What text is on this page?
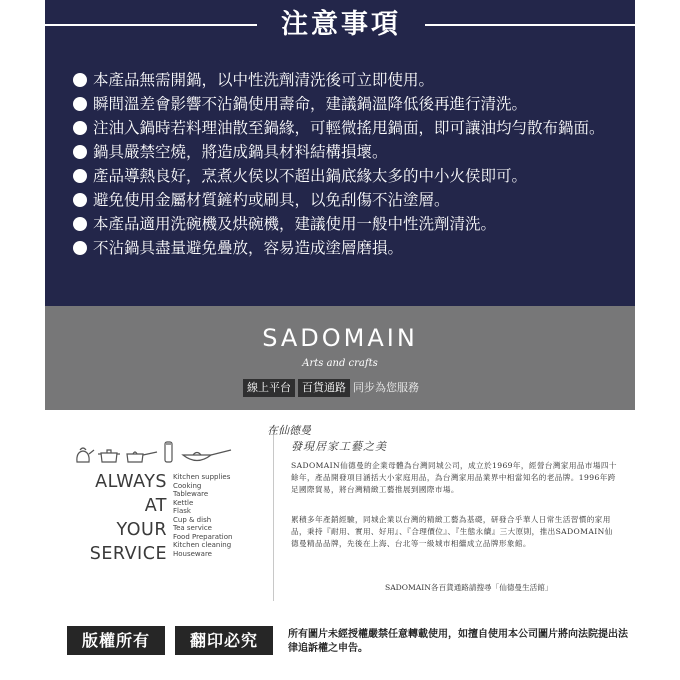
注意事項
本產品無需開鍋，以中性洗劑清洗後可立即使用。
瞬間溫差會影響不沾鍋使用壽命，建議鍋溫降低後再進行清洗。
注油入鍋時若料理油散至鍋緣，可輕微搖甩鍋面，即可讓油均勻散布鍋面。
鍋具嚴禁空燒，將造成鍋具材料結構損壞。
產品導熱良好，烹煮火侯以不超出鍋底緣太多的中小火侯即可。
避免使用金屬材質鏟杓或刷具，以免刮傷不沾塗層。
本產品適用洗碗機及烘碗機，建議使用一般中性洗劑清洗。
不沾鍋具盡量避免疊放，容易造成塗層磨損。
SADOMAIN
Arts and crafts
線上平台 百貨通路 同步為您服務
ALWAYS AT
YOUR
SERVICE
Kitchen supplies
Cooking
Tableware
Kettle
Flask
Cup & dish
Tea service
Food Preparation
Kitchen cleaning
Houseware
在仙德曼
發現居家工藝之美
SADOMAIN仙德曼的企業母體為台灣同城公司，成立於1969年，經營台灣家用品市場四十餘年，產品開發項目涵括大小家庭用品，為台灣家用品業界中相當知名的老品牌。1996年跨足國際貿易，將台灣精緻工藝推展到國際市場。
累積多年產銷經驗，同城企業以台灣的精緻工藝為基礎，研發合乎華人日常生活習慣的家用品，秉持『耐用、實用、好用』、『合理價位』、『生態永續』三大原則，推出SADOMAIN仙德曼精品品牌，先後在上海、台北等一級城市相繼成立品牌形象館。
SADOMAIN各百貨通路請搜尋「仙德曼生活館」
版權所有	翻印必究	所有圖片未經授權嚴禁任意轉載使用，如擅自使用本公司圖片將向法院提出法律追訴權之申告。
